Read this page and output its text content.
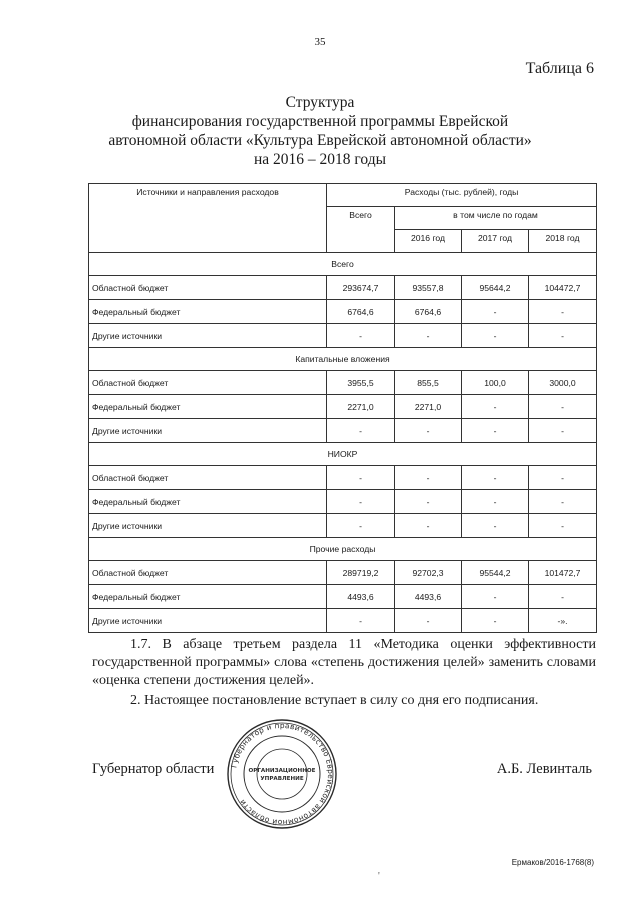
35
Таблица 6
Структура
финансирования государственной программы Еврейской
автономной области «Культура Еврейской автономной области»
на 2016 – 2018 годы
Источники и направления расходов	Расходы (тыс. рублей), годы			
	Всего	в том числе по годам		
		2016 год	2017 год	2018 год
Всего				
Областной бюджет	293674,7	93557,8	95644,2	104472,7
Федеральный бюджет	6764,6	6764,6	-	-
Другие источники	-	-	-	-
Капитальные вложения				
Областной бюджет	3955,5	855,5	100,0	3000,0
Федеральный бюджет	2271,0	2271,0	-	-
Другие источники	-	-	-	-
НИОКР				
Областной бюджет	-	-	-	-
Федеральный бюджет	-	-	-	-
Другие источники	-	-	-	-
Прочие расходы				
Областной бюджет	289719,2	92702,3	95544,2	101472,7
Федеральный бюджет	4493,6	4493,6	-	-
Другие источники	-	-	-	-».
1.7. В абзаце третьем раздела 11 «Методика оценки эффективности государственной программы» слова «степень достижения целей» заменить словами «оценка степени достижения целей».
2. Настоящее постановление вступает в силу со дня его подписания.
Губернатор области Губернатор и правительство Еврейской автономной области
ОРГАНИЗАЦИОННОЕ
УПРАВЛЕНИЕ
А.Б. Левинталь
Ермаков/2016-1768(8)
'
